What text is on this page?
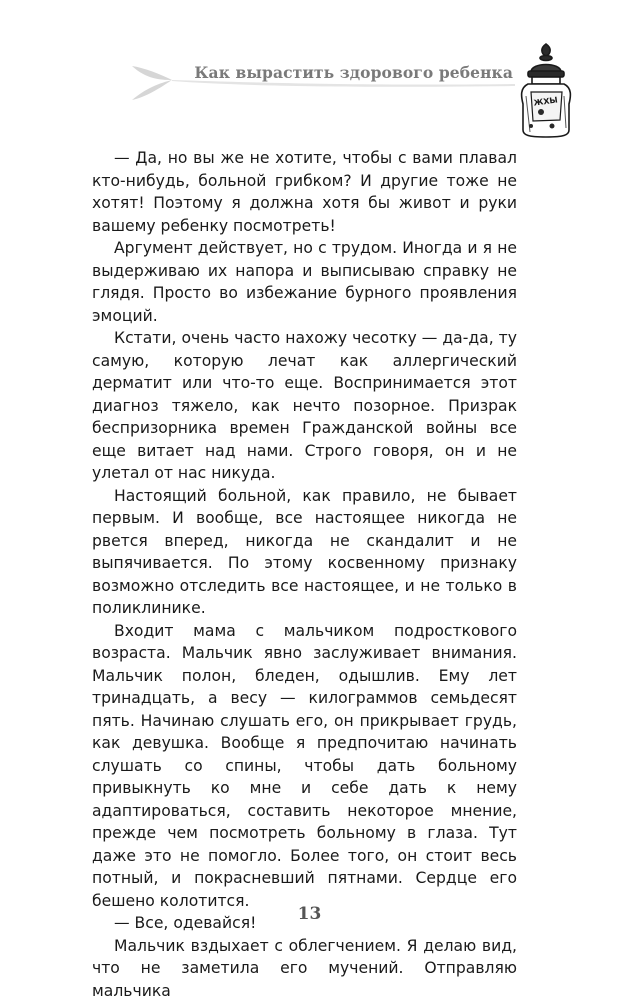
ЖХЫ
Как вырастить здорового ребенка

— Да, но вы же не хотите, чтобы с вами плавал кто-нибудь, больной грибком? И другие тоже не хотят! Поэтому я должна хотя бы живот и руки вашему ребенку посмотреть!

Аргумент действует, но с трудом. Иногда и я не выдерживаю их напора и выписываю справку не глядя. Просто во избежание бурного проявления эмоций.

Кстати, очень часто нахожу чесотку — да-да, ту самую, которую лечат как аллергический дерматит или что-то еще. Воспринимается этот диагноз тяжело, как нечто позорное. Призрак беспризорника времен Гражданской войны все еще витает над нами. Строго говоря, он и не улетал от нас никуда.

Настоящий больной, как правило, не бывает первым. И вообще, все настоящее никогда не рвется вперед, никогда не скандалит и не выпячивается. По этому косвенному признаку возможно отследить все настоящее, и не только в поликлинике.

Входит мама с мальчиком подросткового возраста. Мальчик явно заслуживает внимания. Мальчик полон, бледен, одышлив. Ему лет тринадцать, а весу — килограммов семьдесят пять. Начинаю слушать его, он прикрывает грудь, как девушка. Вообще я предпочитаю начинать слушать со спины, чтобы дать больному привыкнуть ко мне и себе дать к нему адаптироваться, составить некоторое мнение, прежде чем посмотреть больному в глаза. Тут даже это не помогло. Более того, он стоит весь потный, и покрасневший пятнами. Сердце его бешено колотится.

— Все, одевайся!

Мальчик вздыхает с облегчением. Я делаю вид, что не заметила его мучений. Отправляю мальчика

13
